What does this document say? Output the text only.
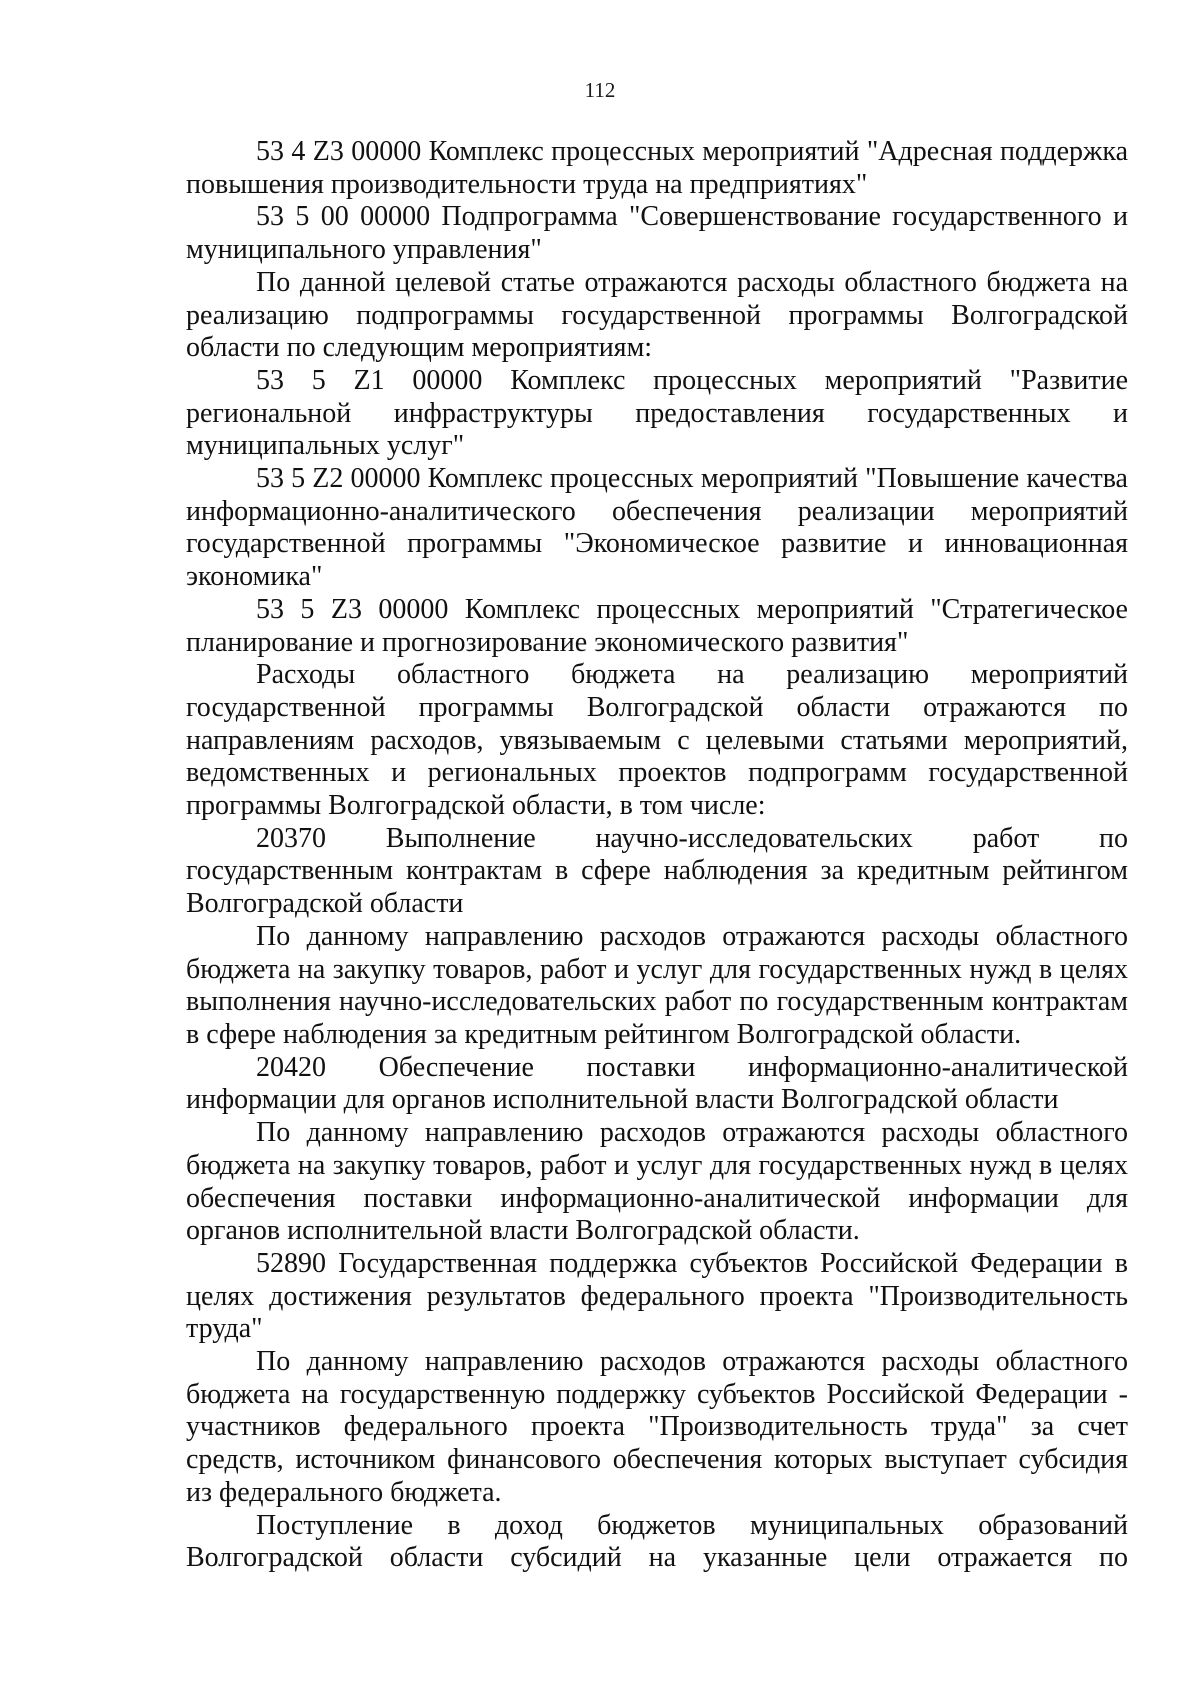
112

53 4 Z3 00000 Комплекс процессных мероприятий "Адресная поддержка повышения производительности труда на предприятиях"

53 5 00 00000 Подпрограмма "Совершенствование государственного и муниципального управления"

По данной целевой статье отражаются расходы областного бюджета на реализацию подпрограммы государственной программы Волгоградской области по следующим мероприятиям:

53 5 Z1 00000 Комплекс процессных мероприятий "Развитие региональной инфраструктуры предоставления государственных и муниципальных услуг"

53 5 Z2 00000 Комплекс процессных мероприятий "Повышение качества информационно-аналитического обеспечения реализации мероприятий государственной программы "Экономическое развитие и инновационная экономика"

53 5 Z3 00000 Комплекс процессных мероприятий "Стратегическое планирование и прогнозирование экономического развития"

Расходы областного бюджета на реализацию мероприятий государственной программы Волгоградской области отражаются по направлениям расходов, увязываемым с целевыми статьями мероприятий, ведомственных и региональных проектов подпрограмм государственной программы Волгоградской области, в том числе:

20370 Выполнение научно-исследовательских работ по государственным контрактам в сфере наблюдения за кредитным рейтингом Волгоградской области

По данному направлению расходов отражаются расходы областного бюджета на закупку товаров, работ и услуг для государственных нужд в целях выполнения научно-исследовательских работ по государственным контрактам в сфере наблюдения за кредитным рейтингом Волгоградской области.

20420 Обеспечение поставки информационно-аналитической информации для органов исполнительной власти Волгоградской области

По данному направлению расходов отражаются расходы областного бюджета на закупку товаров, работ и услуг для государственных нужд в целях обеспечения поставки информационно-аналитической информации для органов исполнительной власти Волгоградской области.

52890 Государственная поддержка субъектов Российской Федерации в целях достижения результатов федерального проекта "Производительность труда"

По данному направлению расходов отражаются расходы областного бюджета на государственную поддержку субъектов Российской Федерации - участников федерального проекта "Производительность труда" за счет средств, источником финансового обеспечения которых выступает субсидия из федерального бюджета.

Поступление в доход бюджетов муниципальных образований Волгоградской области субсидий на указанные цели отражается по
